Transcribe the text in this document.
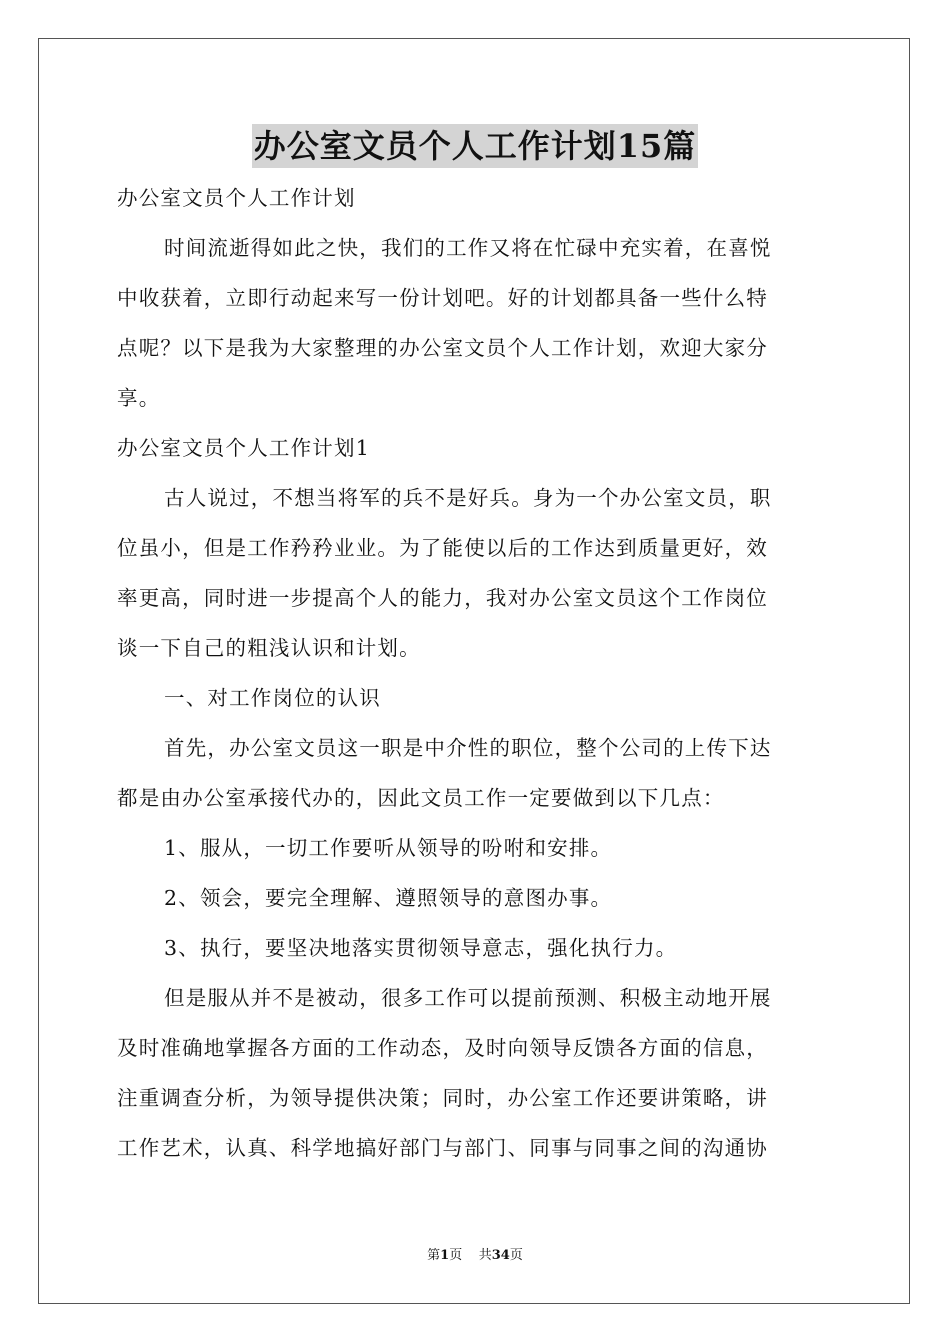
办公室文员个人工作计划15篇
办公室文员个人工作计划
时间流逝得如此之快，我们的工作又将在忙碌中充实着，在喜悦
中收获着，立即行动起来写一份计划吧。好的计划都具备一些什么特
点呢？以下是我为大家整理的办公室文员个人工作计划，欢迎大家分
享。
办公室文员个人工作计划1
古人说过，不想当将军的兵不是好兵。身为一个办公室文员，职
位虽小，但是工作矜矜业业。为了能使以后的工作达到质量更好，效
率更高，同时进一步提高个人的能力，我对办公室文员这个工作岗位
谈一下自己的粗浅认识和计划。
一、对工作岗位的认识
首先，办公室文员这一职是中介性的职位，整个公司的上传下达
都是由办公室承接代办的，因此文员工作一定要做到以下几点：
1、服从，一切工作要听从领导的吩咐和安排。
2、领会，要完全理解、遵照领导的意图办事。
3、执行，要坚决地落实贯彻领导意志，强化执行力。
但是服从并不是被动，很多工作可以提前预测、积极主动地开展
及时准确地掌握各方面的工作动态，及时向领导反馈各方面的信息，
注重调查分析，为领导提供决策；同时，办公室工作还要讲策略，讲
工作艺术，认真、科学地搞好部门与部门、同事与同事之间的沟通协
第1页 共34页
